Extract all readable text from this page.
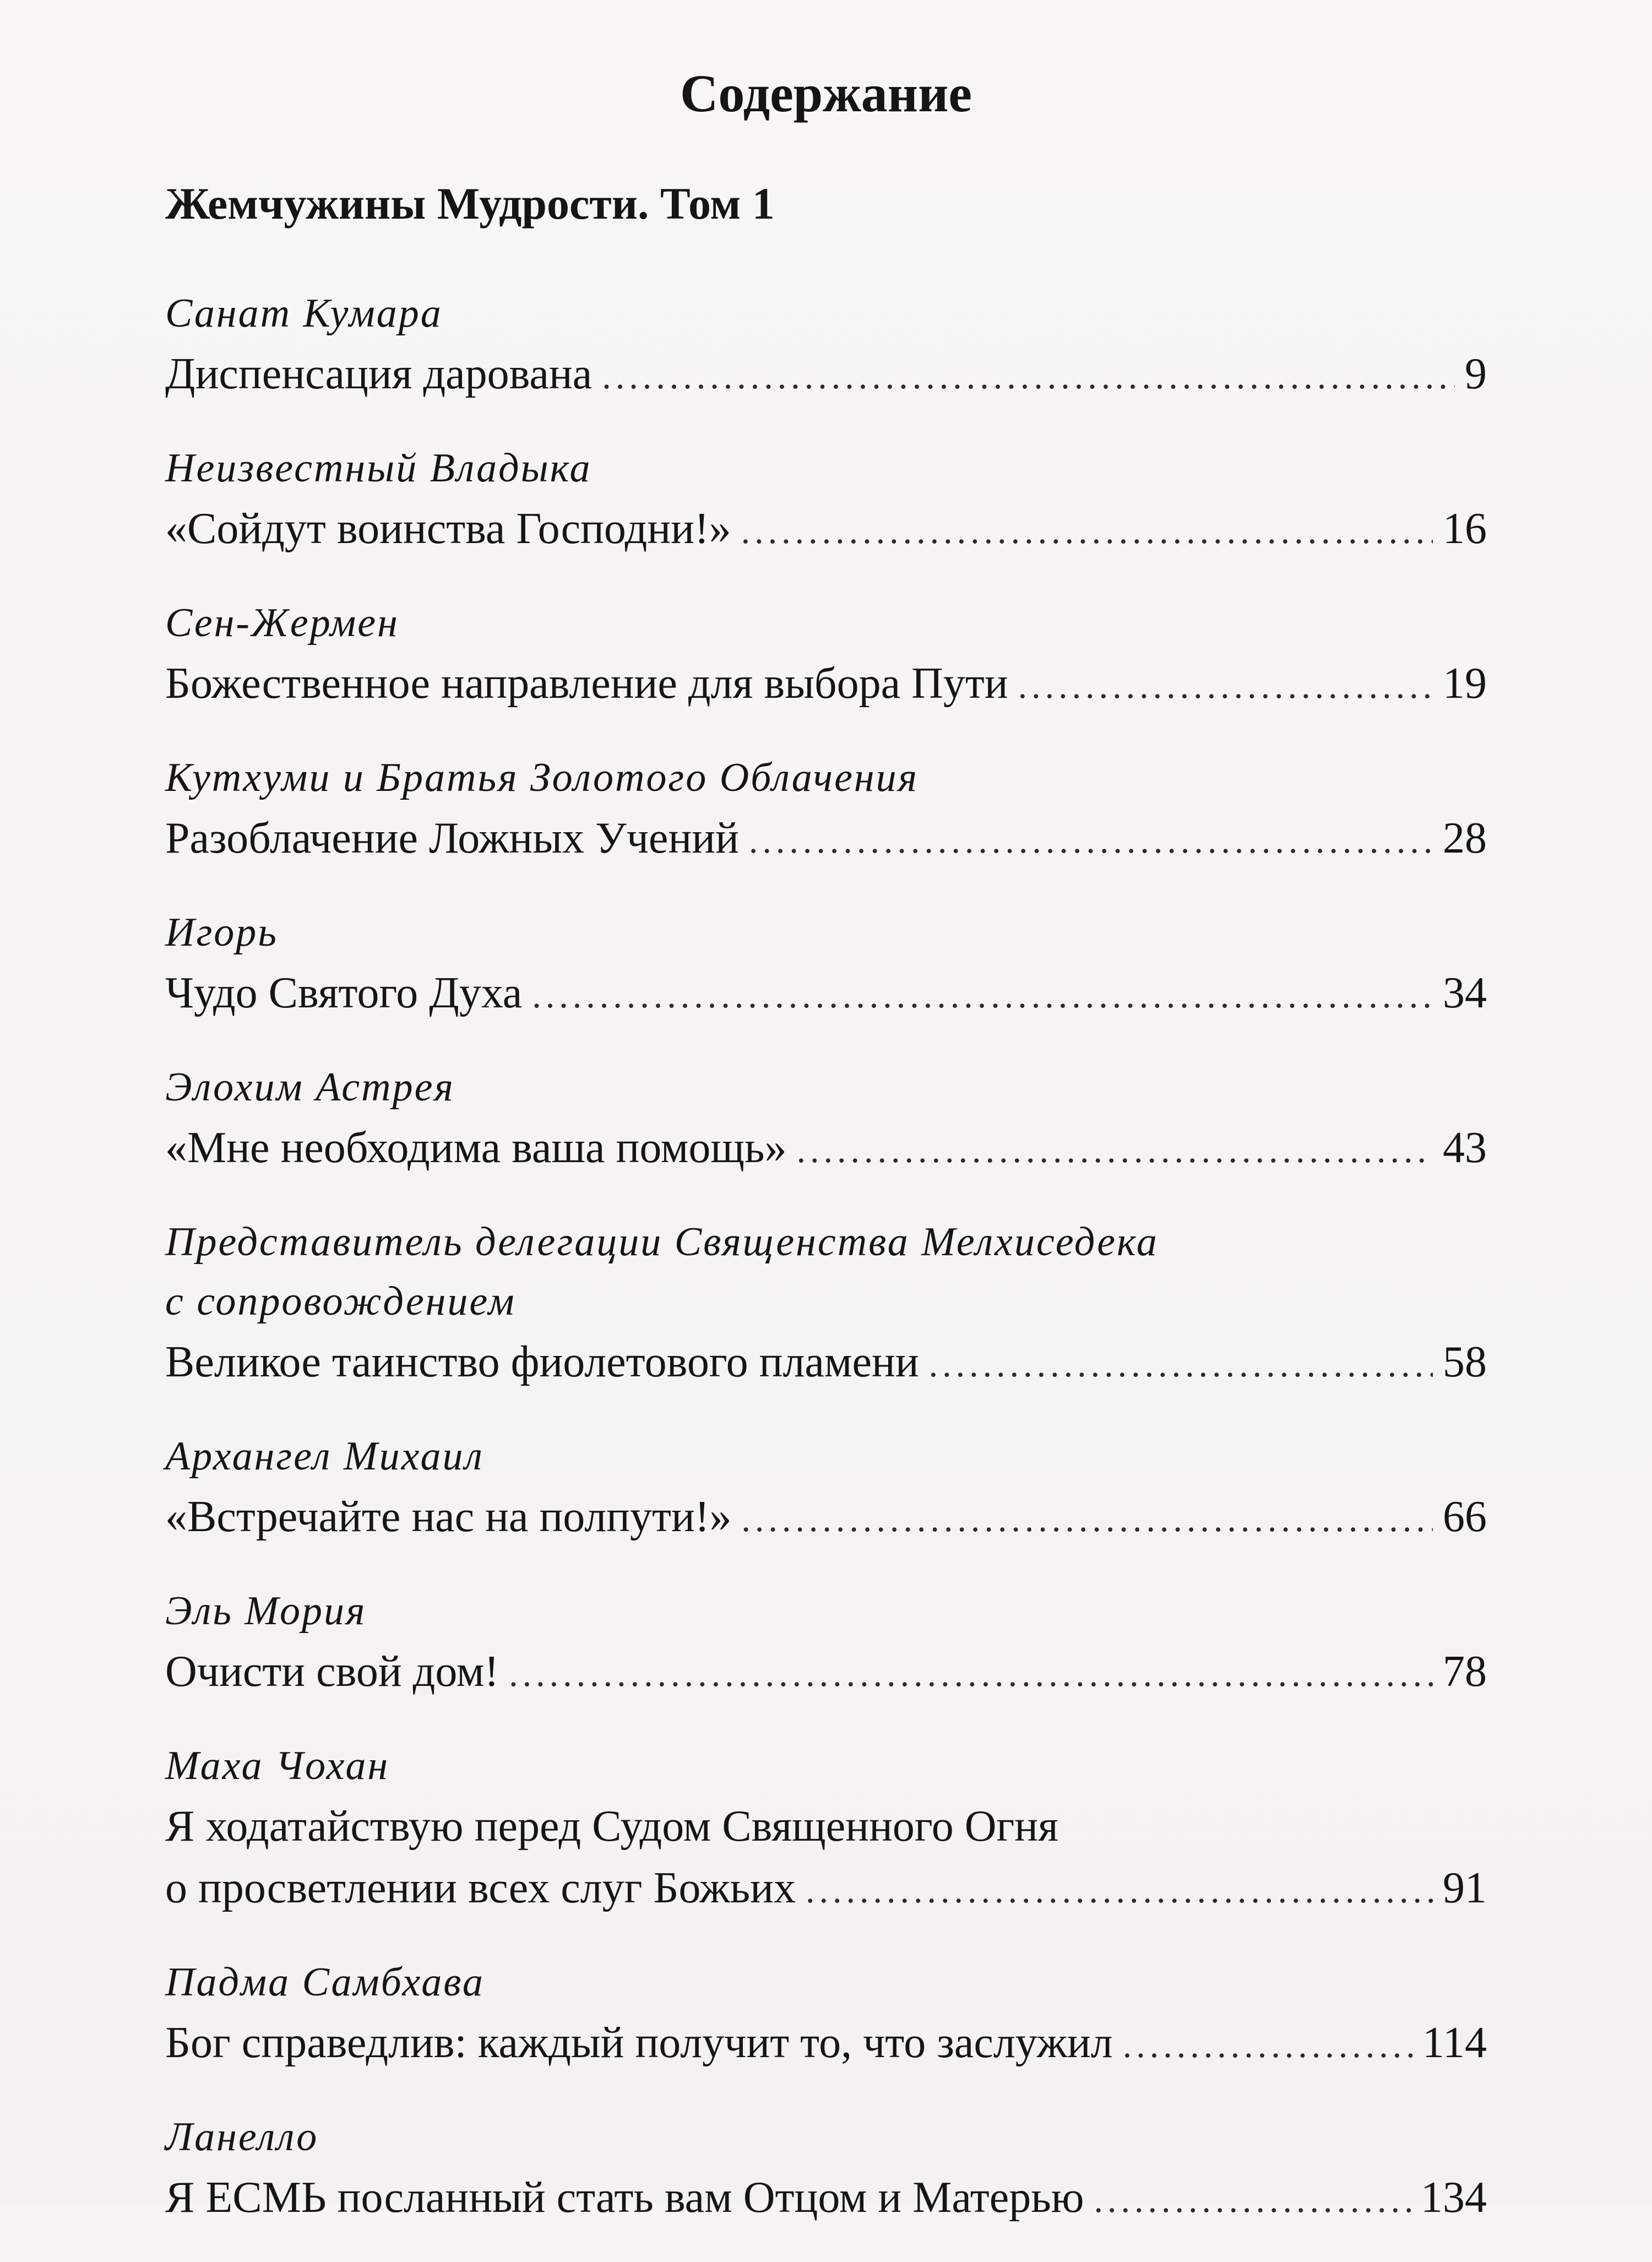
Содержание
Жемчужины Мудрости. Том 1
Санат Кумара
Диспенсация дарована .....	9
Неизвестный Владыка
«Сойдут воинства Господни!» .....	16
Сен-Жермен
Божественное направление для выбора Пути .....	19
Кутхуми и Братья Золотого Облачения
Разоблачение Ложных Учений .....	28
Игорь
Чудо Святого Духа .....	34
Элохим Астрея
«Мне необходима ваша помощь» .....	43
Представитель делегации Священства Мелхиседека
с сопровождением
Великое таинство фиолетового пламени .....	58
Архангел Михаил
«Встречайте нас на полпути!» .....	66
Эль Мория
Очисти свой дом! .....	78
Маха Чохан
Я ходатайствую перед Судом Священного Огня
о просветлении всех слуг Божьих .....	91
Падма Самбхава
Бог справедлив: каждый получит то, что заслужил .....	114
Ланелло
Я ЕСМЬ посланный стать вам Отцом и Матерью .....	134
